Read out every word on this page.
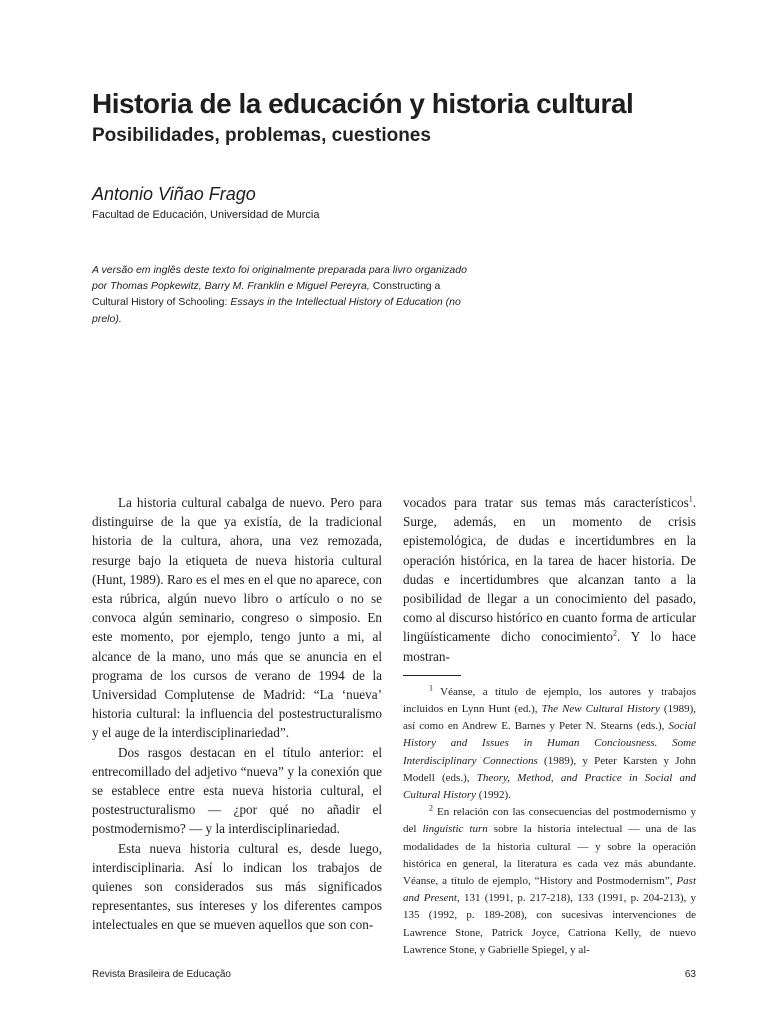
Historia de la educación y historia cultural
Posibilidades, problemas, cuestiones
Antonio Viñao Frago
Facultad de Educación, Universidad de Murcia

A versão em inglês deste texto foi originalmente preparada para livro organizado por Thomas Popkewitz, Barry M. Franklin e Miguel Pereyra, Constructing a Cultural History of Schooling: Essays in the Intellectual History of Education (no prelo).

La historia cultural cabalga de nuevo. Pero para distinguirse de la que ya existía, de la tradicional historia de la cultura, ahora, una vez remozada, resurge bajo la etiqueta de nueva historia cultural (Hunt, 1989). Raro es el mes en el que no aparece, con esta rúbrica, algún nuevo libro o artículo o no se convoca algún seminario, congreso o simposio. En este momento, por ejemplo, tengo junto a mi, al alcance de la mano, uno más que se anuncia en el programa de los cursos de verano de 1994 de la Universidad Complutense de Madrid: “La ‘nueva’ historia cultural: la influencia del postestructuralismo y el auge de la interdisciplinariedad”.

Dos rasgos destacan en el título anterior: el entrecomillado del adjetivo “nueva” y la conexión que se establece entre esta nueva historia cultural, el postestructuralismo — ¿por qué no añadir el postmodernismo? — y la interdisciplinariedad.

Esta nueva historia cultural es, desde luego, interdisciplinaria. Así lo indican los trabajos de quienes son considerados sus más significados representantes, sus intereses y los diferentes campos intelectuales en que se mueven aquellos que son con-

vocados para tratar sus temas más característicos$^1$. Surge, además, en un momento de crisis epistemológica, de dudas e incertidumbres en la operación histórica, en la tarea de hacer historia. De dudas e incertidumbres que alcanzan tanto a la posibilidad de llegar a un conocimiento del pasado, como al discurso histórico en cuanto forma de articular lingüísticamente dicho conocimiento$^2$. Y lo hace mostran-

$^1$ Véanse, a título de ejemplo, los autores y trabajos incluidos en Lynn Hunt (ed.), The New Cultural History (1989), así como en Andrew E. Barnes y Peter N. Stearns (eds.), Social History and Issues in Human Conciousness. Some Interdisciplinary Connections (1989), y Peter Karsten y John Modell (eds.), Theory, Method, and Practice in Social and Cultural History (1992).

$^2$ En relación con las consecuencias del postmodernismo y del linguistic turn sobre la historia intelectual — una de las modalidades de la historia cultural — y sobre la operación histórica en general, la literatura es cada vez más abundante. Véanse, a título de ejemplo, “History and Postmodernism”, Past and Present, 131 (1991, p. 217-218), 133 (1991, p. 204-213), y 135 (1992, p. 189-208), con sucesivas intervenciones de Lawrence Stone, Patrick Joyce, Catriona Kelly, de nuevo Lawrence Stone, y Gabrielle Spiegel, y al-

Revista Brasileira de Educação	63
